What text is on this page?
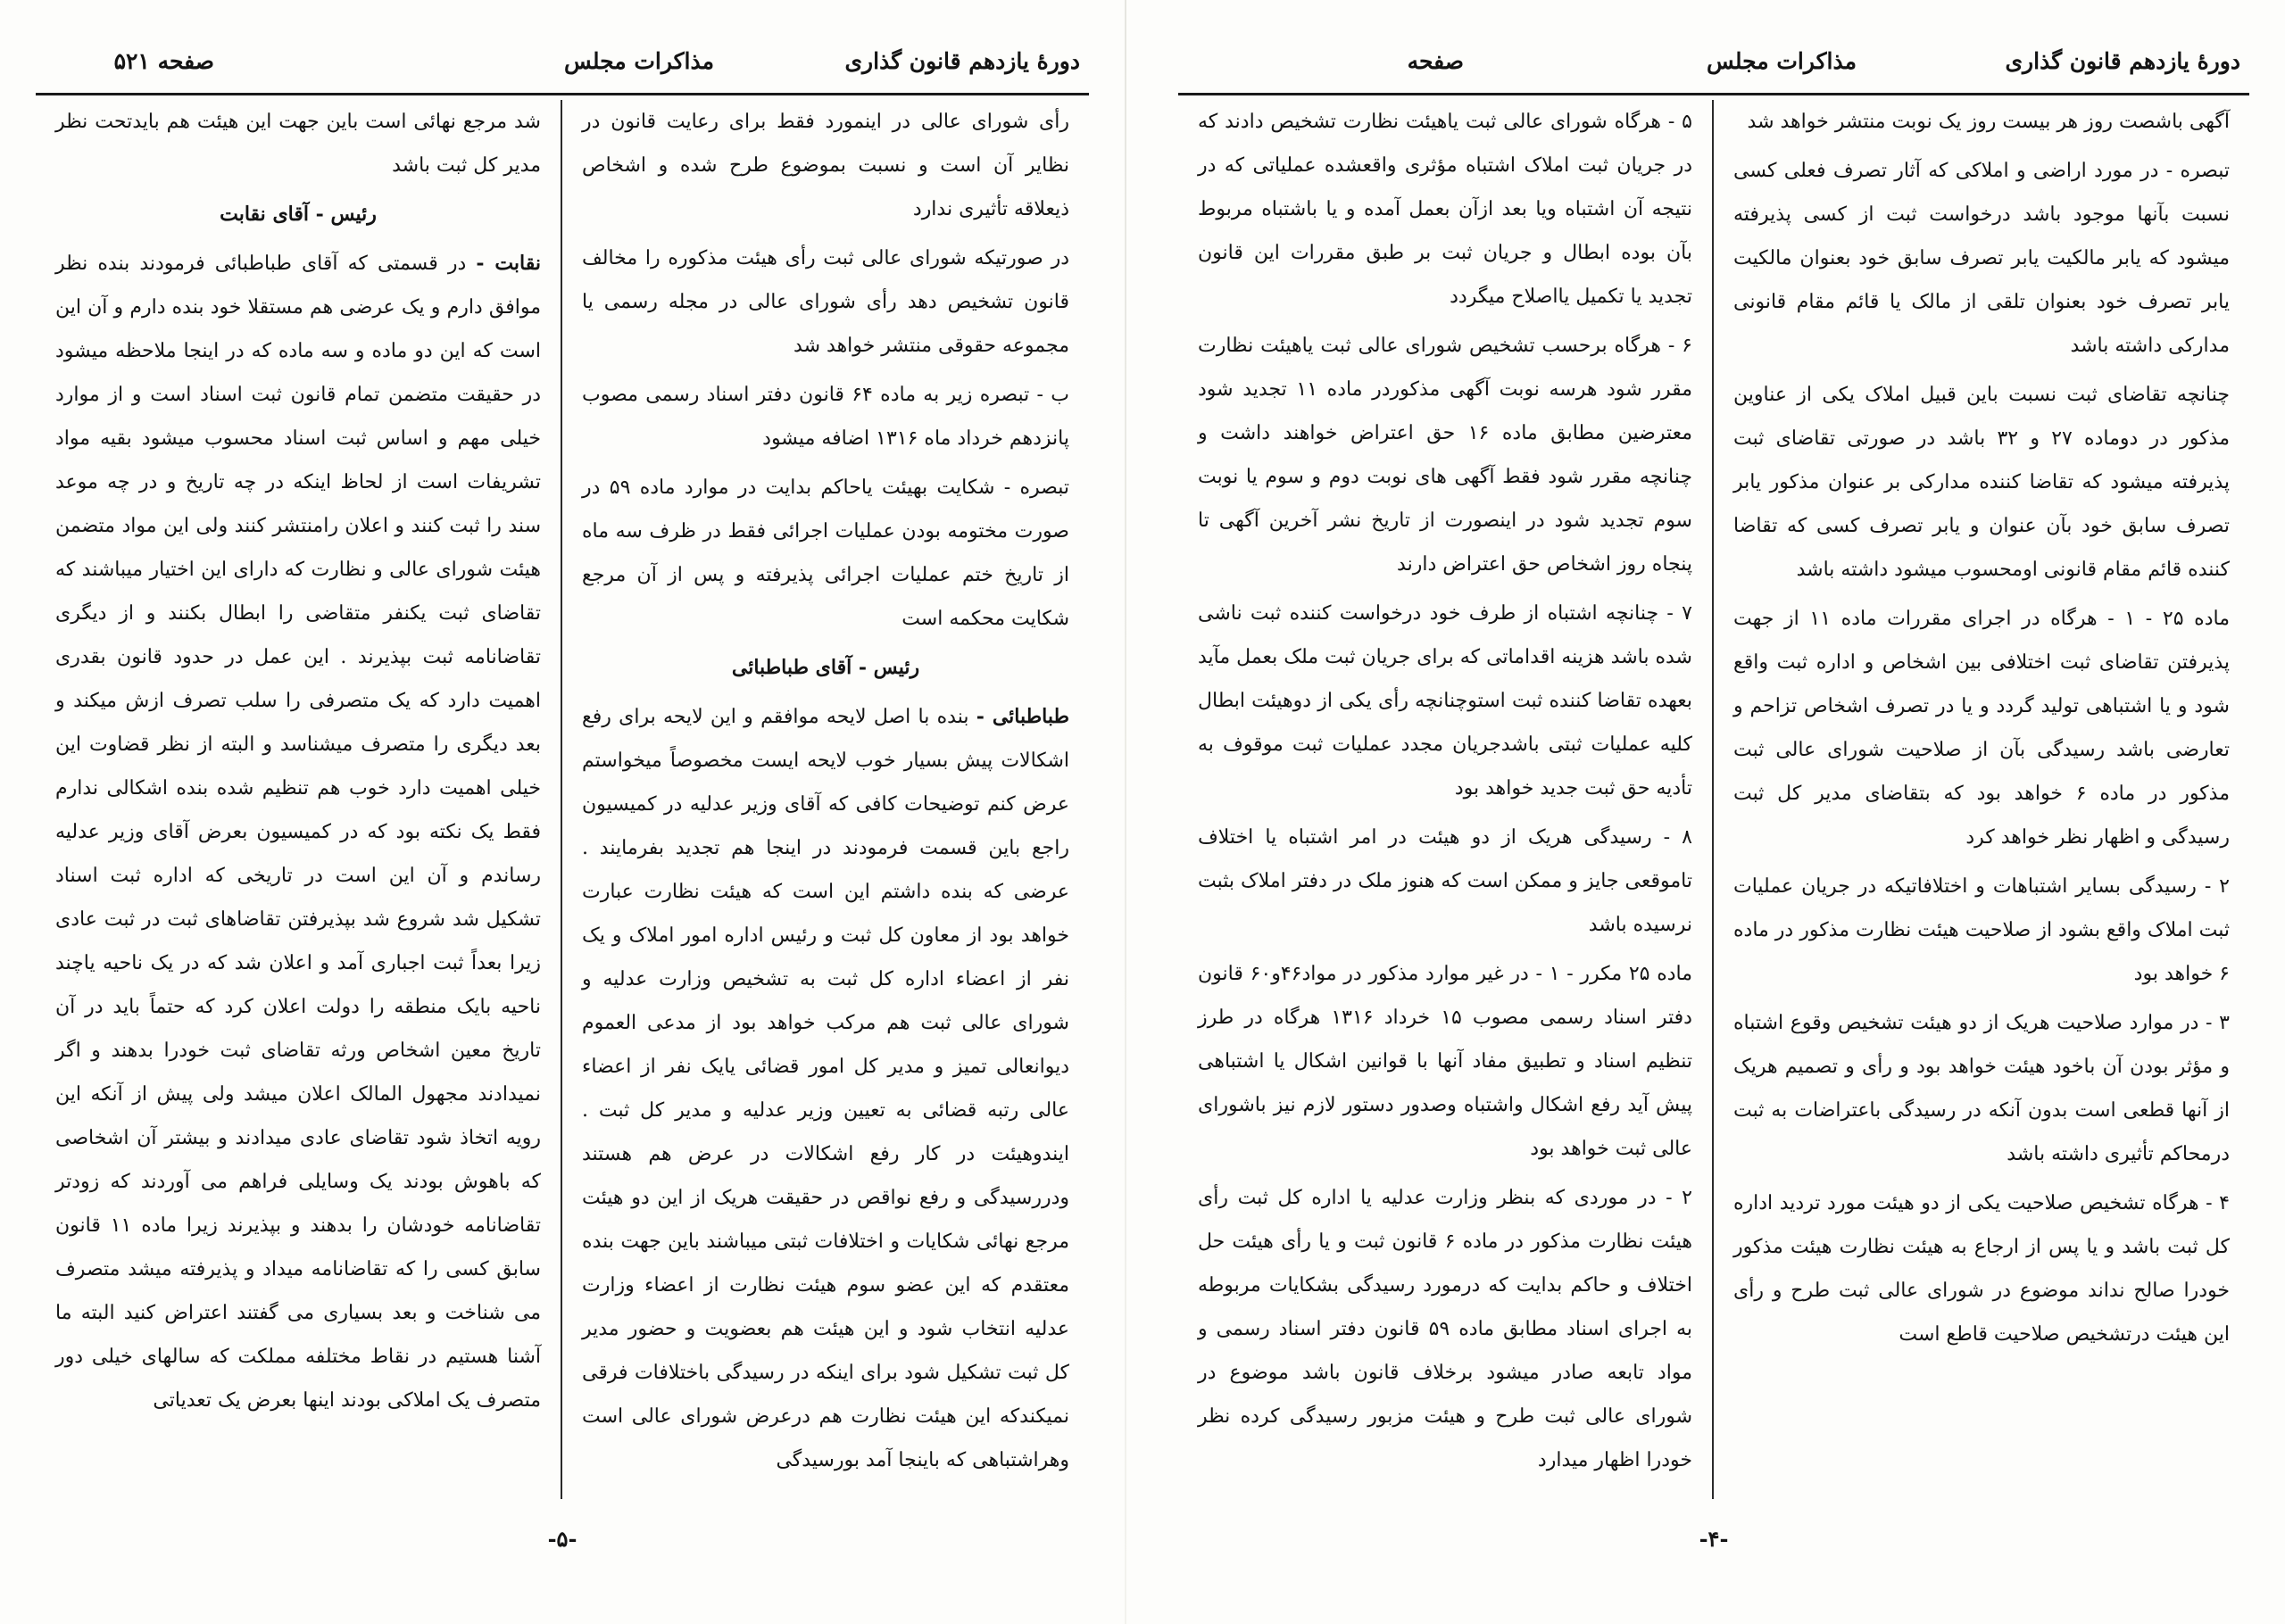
دورهٔ یازدهم قانون گذاری
مذاکرات مجلس
صفحه ۵۲۱

رأی شورای عالی در اینمورد فقط برای رعایت قانون در نظایر آن است و نسبت بموضوع طرح شده و اشخاص ذیعلاقه تأثیری ندارد

در صورتیکه شورای عالی ثبت رأی هیئت مذکوره را مخالف قانون تشخیص دهد رأی شورای عالی در مجله رسمی یا مجموعه حقوقی منتشر خواهد شد

ب - تبصره زیر به ماده ۶۴ قانون دفتر اسناد رسمی مصوب پانزدهم خرداد ماه ۱۳۱۶ اضافه میشود

تبصره - شکایت بهیئت یاحاکم بدایت در موارد ماده ۵۹ در صورت مختومه بودن عملیات اجرائی فقط در ظرف سه ماه از تاریخ ختم عملیات اجرائی پذیرفته و پس از آن مرجع شکایت محکمه است

رئیس - آقای طباطبائی

طباطبائی - بنده با اصل لایحه موافقم و این لایحه برای رفع اشکالات پیش بسیار خوب لایحه ایست مخصوصاً میخواستم عرض کنم توضیحات کافی که آقای وزیر عدلیه در کمیسیون راجع باین قسمت فرمودند در اینجا هم تجدید بفرمایند . عرضی که بنده داشتم این است که هیئت نظارت عبارت خواهد بود از معاون کل ثبت و رئیس اداره امور املاک و یک نفر از اعضاء اداره کل ثبت به تشخیص وزارت عدلیه و شورای عالی ثبت هم مرکب خواهد بود از مدعی العموم دیوانعالی تمیز و مدیر کل امور قضائی یایک نفر از اعضاء عالی رتبه قضائی به تعیین وزیر عدلیه و مدیر کل ثبت . ایندوهیئت در کار رفع اشکالات در عرض هم هستند ودررسیدگی و رفع نواقص در حقیقت هریک از این دو هیئت مرجع نهائی شکایات و اختلافات ثبتی میباشند باین جهت بنده معتقدم که این عضو سوم هیئت نظارت از اعضاء وزارت عدلیه انتخاب شود و این هیئت هم بعضویت و حضور مدیر کل ثبت تشکیل شود برای اینکه در رسیدگی باختلافات فرقی نمیکندکه این هیئت نظارت هم درعرض شورای عالی است وهراشتباهی که باینجا آمد بورسیدگی

شد مرجع نهائی است باین جهت این هیئت هم بایدتحت نظر مدیر کل ثبت باشد

رئیس - آقای نقابت

نقابت - در قسمتی که آقای طباطبائی فرمودند بنده نظر موافق دارم و یک عرضی هم مستقلا خود بنده دارم و آن این است که این دو ماده و سه ماده که در اینجا ملاحظه میشود در حقیقت متضمن تمام قانون ثبت اسناد است و از موارد خیلی مهم و اساس ثبت اسناد محسوب میشود بقیه مواد تشریفات است از لحاظ اینکه در چه تاریخ و در چه موعد سند را ثبت کنند و اعلان رامنتشر کنند ولی این مواد متضمن هیئت شورای عالی و نظارت که دارای این اختیار میباشند که تقاضای ثبت یکنفر متقاضی را ابطال بکنند و از دیگری تقاضانامه ثبت بپذیرند . این عمل در حدود قانون بقدری اهمیت دارد که یک متصرفی را سلب تصرف ازش میکند و بعد دیگری را متصرف میشناسد و البته از نظر قضاوت این خیلی اهمیت دارد خوب هم تنظیم شده بنده اشکالی ندارم فقط یک نکته بود که در کمیسیون بعرض آقای وزیر عدلیه رساندم و آن این است در تاریخی که اداره ثبت اسناد تشکیل شد شروع شد بپذیرفتن تقاضاهای ثبت در ثبت عادی زیرا بعداً ثبت اجباری آمد و اعلان شد که در یک ناحیه یاچند ناحیه بایک منطقه را دولت اعلان کرد که حتماً باید در آن تاریخ معین اشخاص ورثه تقاضای ثبت خودرا بدهند و اگر نمیدادند مجهول المالک اعلان میشد ولی پیش از آنکه این رویه اتخاذ شود تقاضای عادی میدادند و بیشتر آن اشخاصی که باهوش بودند یک وسایلی فراهم می آوردند که زودتر تقاضانامه خودشان را بدهند و بپذیرند زیرا ماده ۱۱ قانون سابق کسی را که تقاضانامه میداد و پذیرفته میشد متصرف می شناخت و بعد بسیاری می گفتند اعتراض کنید البته ما آشنا هستیم در نقاط مختلفه مملکت که سالهای خیلی دور متصرف یک املاکی بودند اینها بعرض یک تعدیاتی

-۵-
دورهٔ یازدهم قانون گذاری
مذاکرات مجلس
صفحه

آگهی باشصت روز هر بیست روز یک نوبت منتشر خواهد شد

تبصره - در مورد اراضی و املاکی که آثار تصرف فعلی کسی نسبت بآنها موجود باشد درخواست ثبت از کسی پذیرفته میشود که یابر مالکیت یابر تصرف سابق خود بعنوان مالکیت یابر تصرف خود بعنوان تلقی از مالک یا قائم مقام قانونی مدارکی داشته باشد

چنانچه تقاضای ثبت نسبت باین قبیل املاک یکی از عناوین مذکور در دوماده ۲۷ و ۳۲ باشد در صورتی تقاضای ثبت پذیرفته میشود که تقاضا کننده مدارکی بر عنوان مذکور یابر تصرف سابق خود بآن عنوان و یابر تصرف کسی که تقاضا کننده قائم مقام قانونی اومحسوب میشود داشته باشد

ماده ۲۵ - ۱ - هرگاه در اجرای مقررات ماده ۱۱ از جهت پذیرفتن تقاضای ثبت اختلافی بین اشخاص و اداره ثبت واقع شود و یا اشتباهی تولید گردد و یا در تصرف اشخاص تزاحم و تعارضی باشد رسیدگی بآن از صلاحیت شورای عالی ثبت مذکور در ماده ۶ خواهد بود که بتقاضای مدیر کل ثبت رسیدگی و اظهار نظر خواهد کرد

۲ - رسیدگی بسایر اشتباهات و اختلافاتیکه در جریان عملیات ثبت املاک واقع بشود از صلاحیت هیئت نظارت مذکور در ماده ۶ خواهد بود

۳ - در موارد صلاحیت هریک از دو هیئت تشخیص وقوع اشتباه و مؤثر بودن آن باخود هیئت خواهد بود و رأی و تصمیم هریک از آنها قطعی است بدون آنکه در رسیدگی باعتراضات به ثبت درمحاکم تأثیری داشته باشد

۴ - هرگاه تشخیص صلاحیت یکی از دو هیئت مورد تردید اداره کل ثبت باشد و یا پس از ارجاع به هیئت نظارت هیئت مذکور خودرا صالح نداند موضوع در شورای عالی ثبت طرح و رأی این هیئت درتشخیص صلاحیت قاطع است

۵ - هرگاه شورای عالی ثبت یاهیئت نظارت تشخیص دادند که در جریان ثبت املاک اشتباه مؤثری واقعشده عملیاتی که در نتیجه آن اشتباه ویا بعد ازآن بعمل آمده و یا باشتباه مربوط بآن بوده ابطال و جریان ثبت بر طبق مقررات این قانون تجدید یا تکمیل یااصلاح میگردد

۶ - هرگاه برحسب تشخیص شورای عالی ثبت یاهیئت نظارت مقرر شود هرسه نوبت آگهی مذکوردر ماده ۱۱ تجدید شود معترضین مطابق ماده ۱۶ حق اعتراض خواهند داشت و چنانچه مقرر شود فقط آگهی های نوبت دوم و سوم یا نوبت سوم تجدید شود در اینصورت از تاریخ نشر آخرین آگهی تا پنجاه روز اشخاص حق اعتراض دارند

۷ - چنانچه اشتباه از طرف خود درخواست کننده ثبت ناشی شده باشد هزینه اقداماتی که برای جریان ثبت ملک بعمل مآید بعهده تقاضا کننده ثبت استوچنانچه رأی یکی از دوهیئت ابطال کلیه عملیات ثبتی باشدجریان مجدد عملیات ثبت موقوف به تأدیه حق ثبت جدید خواهد بود

۸ - رسیدگی هریک از دو هیئت در امر اشتباه یا اختلاف تاموقعی جایز و ممکن است که هنوز ملک در دفتر املاک بثبت نرسیده باشد

ماده ۲۵ مکرر - ۱ - در غیر موارد مذکور در مواد۴۶و۶۰ قانون دفتر اسناد رسمی مصوب ۱۵ خرداد ۱۳۱۶ هرگاه در طرز تنظیم اسناد و تطبیق مفاد آنها با قوانین اشکال یا اشتباهی پیش آید رفع اشکال واشتباه وصدور دستور لازم نیز باشورای عالی ثبت خواهد بود

۲ - در موردی که بنظر وزارت عدلیه یا اداره کل ثبت رأی هیئت نظارت مذکور در ماده ۶ قانون ثبت و یا رأی هیئت حل اختلاف و حاکم بدایت که درمورد رسیدگی بشکایات مربوطه به اجرای اسناد مطابق ماده ۵۹ قانون دفتر اسناد رسمی و مواد تابعه صادر میشود برخلاف قانون باشد موضوع در شورای عالی ثبت طرح و هیئت مزبور رسیدگی کرده نظر خودرا اظهار میدارد

-۴-
